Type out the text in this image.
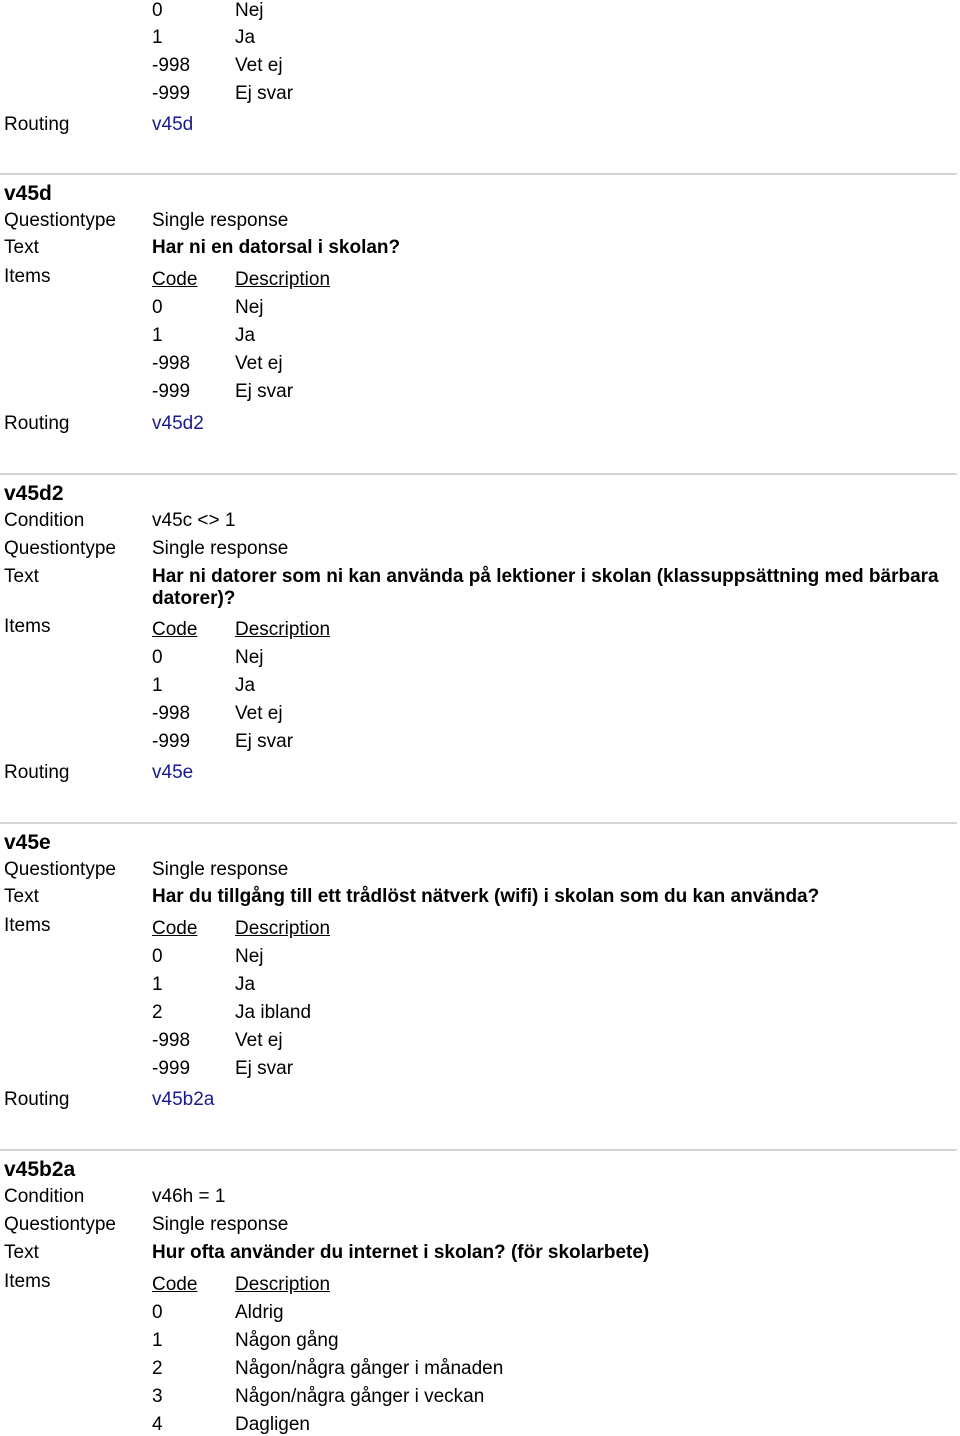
0	Nej
1	Ja
-998 Vet ej
-999 Ej svar
Routing	v45d
v45d
Questiontype Single response
Text	Har ni en datorsal i skolan?
Items	Code Description
0	Nej
1	Ja
-998 Vet ej
-999 Ej svar
Routing	v45d2
v45d2
Condition	v45c <> 1
Questiontype Single response
Text	Har ni datorer som ni kan använda på lektioner i skolan (klassuppsättning med bärbara datorer)?
Items	Code Description
0	Nej
1	Ja
-998 Vet ej
-999 Ej svar
Routing	v45e
v45e
Questiontype Single response
Text	Har du tillgång till ett trådlöst nätverk (wifi) i skolan som du kan använda?
Items	Code Description
0	Nej
1	Ja
2	Ja ibland
-998 Vet ej
-999 Ej svar
Routing	v45b2a
v45b2a
Condition	v46h = 1
Questiontype Single response
Text	Hur ofta använder du internet i skolan? (för skolarbete)
Items	Code Description
0	Aldrig
1	Någon gång
2	Någon/några gånger i månaden
3	Någon/några gånger i veckan
4	Dagligen
